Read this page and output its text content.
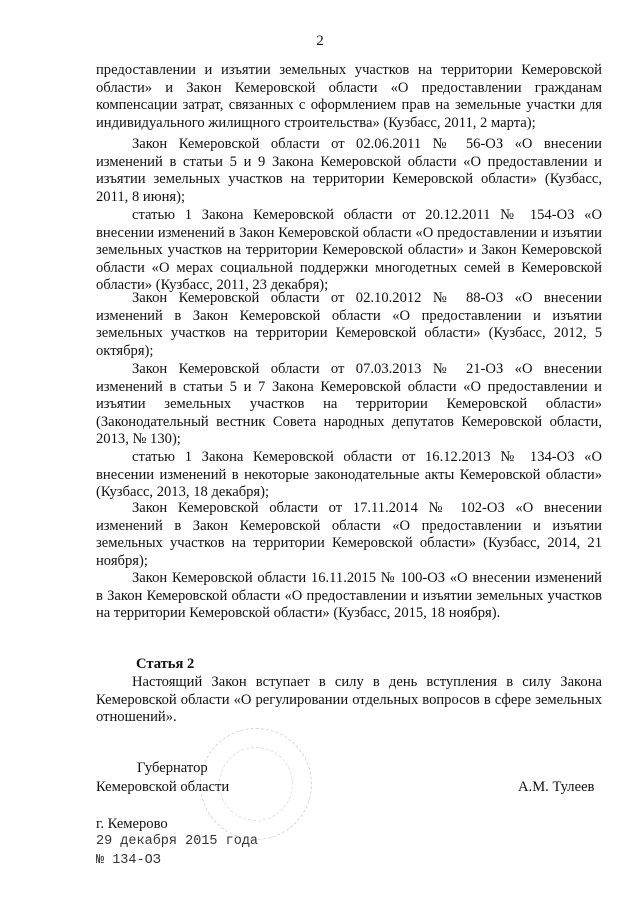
2

предоставлении и изъятии земельных участков на территории Кемеровской области» и Закон Кемеровской области «О предоставлении гражданам компенсации затрат, связанных с оформлением прав на земельные участки для индивидуального жилищного строительства» (Кузбасс, 2011, 2 марта);

Закон Кемеровской области от 02.06.2011 № 56-ОЗ «О внесении изменений в статьи 5 и 9 Закона Кемеровской области «О предоставлении и изъятии земельных участков на территории Кемеровской области» (Кузбасс, 2011, 8 июня);

статью 1 Закона Кемеровской области от 20.12.2011 № 154-ОЗ «О внесении изменений в Закон Кемеровской области «О предоставлении и изъятии земельных участков на территории Кемеровской области» и Закон Кемеровской области «О мерах социальной поддержки многодетных семей в Кемеровской области» (Кузбасс, 2011, 23 декабря);

Закон Кемеровской области от 02.10.2012 № 88-ОЗ «О внесении изменений в Закон Кемеровской области «О предоставлении и изъятии земельных участков на территории Кемеровской области» (Кузбасс, 2012, 5 октября);

Закон Кемеровской области от 07.03.2013 № 21-ОЗ «О внесении изменений в статьи 5 и 7 Закона Кемеровской области «О предоставлении и изъятии земельных участков на территории Кемеровской области» (Законодательный вестник Совета народных депутатов Кемеровской области, 2013, № 130);

статью 1 Закона Кемеровской области от 16.12.2013 № 134-ОЗ «О внесении изменений в некоторые законодательные акты Кемеровской области» (Кузбасс, 2013, 18 декабря);

Закон Кемеровской области от 17.11.2014 № 102-ОЗ «О внесении изменений в Закон Кемеровской области «О предоставлении и изъятии земельных участков на территории Кемеровской области» (Кузбасс, 2014, 21 ноября);

Закон Кемеровской области 16.11.2015 № 100-ОЗ «О внесении изменений в Закон Кемеровской области «О предоставлении и изъятии земельных участков на территории Кемеровской области» (Кузбасс, 2015, 18 ноября).

Статья 2

Настоящий Закон вступает в силу в день вступления в силу Закона Кемеровской области «О регулировании отдельных вопросов в сфере земельных отношений».

Губернатор
Кемеровской области	А.М. Тулеев
г. Кемерово
29 декабря 2015 года
№ 134-ОЗ
